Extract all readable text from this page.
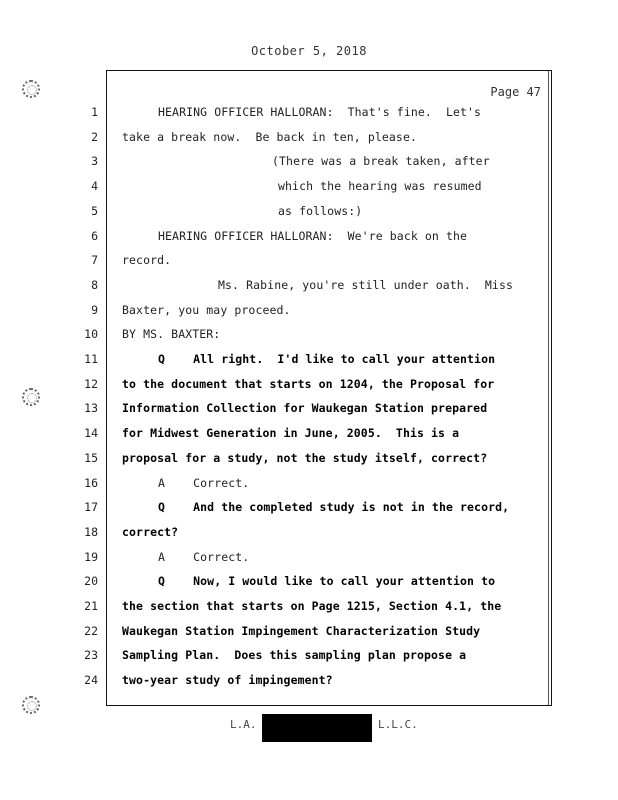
October 5, 2018
Page 47
1	HEARING OFFICER HALLORAN:  That's fine.  Let's
2 take a break now.  Be back in ten, please.
3	(There was a break taken, after
4	which the hearing was resumed
5	as follows:)
6	HEARING OFFICER HALLORAN:  We're back on the
7 record.
8	Ms. Rabine, you're still under oath.  Miss
9 Baxter, you may proceed.
10 BY MS. BAXTER:
11	Q    All right.  I'd like to call your attention
12 to the document that starts on 1204, the Proposal for
13 Information Collection for Waukegan Station prepared
14 for Midwest Generation in June, 2005.  This is a
15 proposal for a study, not the study itself, correct?
16	A    Correct.
17	Q    And the completed study is not in the record,
18 correct?
19	A    Correct.
20	Q    Now, I would like to call your attention to
21 the section that starts on Page 1215, Section 4.1, the
22 Waukegan Station Impingement Characterization Study
23 Sampling Plan.  Does this sampling plan propose a
24 two-year study of impingement?
L.A.	L.L.C.
